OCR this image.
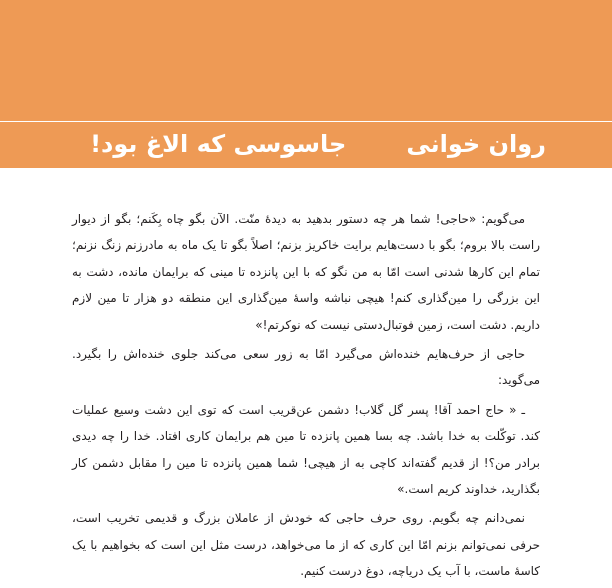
روان خوانی
جاسوسی که الاغ بود!

می‌گویم: «حاجی! شما هر چه دستور بدهید به دیدهٔ منّت. الآن بگو چاه بِکَنم؛ بگو از دیوار راست بالا بروم؛ بگو با دست‌هایم برایت خاکریز بزنم؛ اصلاً بگو تا یک ماه به مادرزنم زنگ نزنم؛ تمام این کارها شدنی است امّا به من نگو که با این پانزده تا مینی که برایمان مانده، دشت به این بزرگی را مین‌گذاری کنم! هیچی نباشه واسهٔ مین‌گذاری این منطقه دو هزار تا مین لازم داریم. دشت است، زمین فوتبال‌دستی نیست که نوکرتم!»

حاجی از حرف‌هایم خنده‌اش می‌گیرد امّا به زور سعی می‌کند جلوی خنده‌اش را بگیرد. می‌گوید:

ـ « حاج احمد آقا! پسر گل گلاب! دشمن عن‌قریب است که توی این دشت وسیع عملیات کند. توکّلت به خدا باشد. چه بسا همین پانزده تا مین هم برایمان کاری افتاد. خدا را چه دیدی برادر من؟! از قدیم گفته‌اند کاچی به از هیچی! شما همین پانزده تا مین را مقابل دشمن کار بگذارید، خداوند کریم است.»

نمی‌دانم چه بگویم. روی حرف حاجی که خودش از عاملان بزرگ و قدیمی تخریب است، حرفی نمی‌توانم بزنم امّا این کاری که از ما می‌خواهد، درست مثل این است که بخواهیم با یک کاسهٔ ماست، با آب یک دریاچه، دوغ درست کنیم.
